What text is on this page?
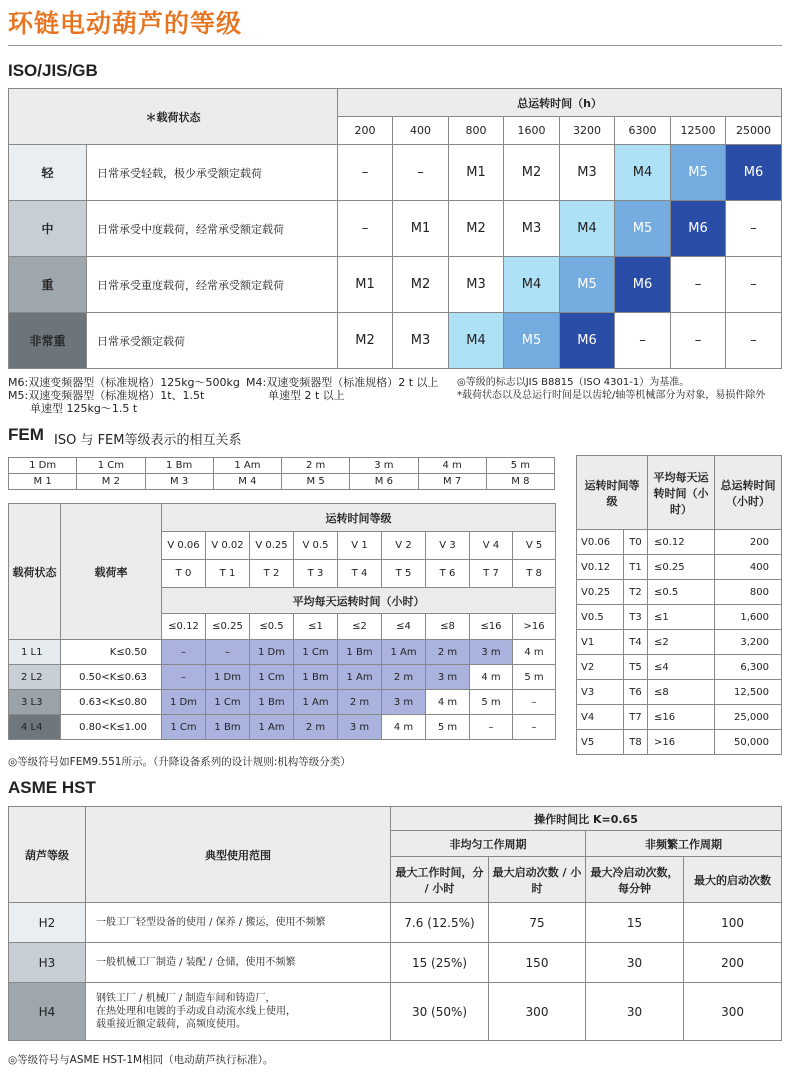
环链电动葫芦的等级
ISO/JIS/GB
＊载荷状态		总运转时间（h）							
		200	400	800	1600	3200	6300	12500	25000
轻	日常承受轻载，极少承受额定载荷	–	–	M1	M2	M3	M4	M5	M6
中	日常承受中度载荷，经常承受额定载荷	–	M1	M2	M3	M4	M5	M6	–
重	日常承受重度载荷，经常承受额定载荷	M1	M2	M3	M4	M5	M6	–	–
非常重	日常承受额定载荷	M2	M3	M4	M5	M6	–	–	–
M6:双速变频器型（标准规格）125kg～500kg
M5:双速变频器型（标准规格）1t、1.5t
单速型 125kg～1.5 t
M4:双速变频器型（标准规格）2 t 以上
单速型 2 t 以上
◎等级的标志以JIS B8815（ISO 4301-1）为基准。
*载荷状态以及总运行时间是以齿轮/轴等机械部分为对象，易损件除外
FEM ISO 与 FEM等级表示的相互关系
1 Dm	1 Cm	1 Bm	1 Am	2 m	3 m	4 m	5 m
M 1	M 2	M 3	M 4	M 5	M 6	M 7	M 8
载荷状态	载荷率	运转时间等级								
		V 0.06	V 0.02	V 0.25	V 0.5	V 1	V 2	V 3	V 4	V 5
		T 0	T 1	T 2	T 3	T 4	T 5	T 6	T 7	T 8
		平均每天运转时间（小时）								
		≤0.12	≤0.25	≤0.5	≤1	≤2	≤4	≤8	≤16	>16
1 L1	K≤0.50	–	–	1 Dm	1 Cm	1 Bm	1 Am	2 m	3 m	4 m
2 L2	0.50<K≤0.63	–	1 Dm	1 Cm	1 Bm	1 Am	2 m	3 m	4 m	5 m
3 L3	0.63<K≤0.80	1 Dm	1 Cm	1 Bm	1 Am	2 m	3 m	4 m	5 m	–
4 L4	0.80<K≤1.00	1 Cm	1 Bm	1 Am	2 m	3 m	4 m	5 m	–	–
◎等级符号如FEM9.551所示。（升降设备系列的设计规则:机构等级分类）
运转时间等级		平均每天运转时间（小时）	总运转时间（小时）
V0.06	T0	≤0.12	200
V0.12	T1	≤0.25	400
V0.25	T2	≤0.5	800
V0.5	T3	≤1	1,600
V1	T4	≤2	3,200
V2	T5	≤4	6,300
V3	T6	≤8	12,500
V4	T7	≤16	25,000
V5	T8	>16	50,000
ASME HST
葫芦等级	典型使用范围	操作时间比 K=0.65			
		非均匀工作周期		非频繁工作周期	
		最大工作时间，分 / 小时	最大启动次数 / 小时	最大冷启动次数，每分钟	最大的启动次数
H2	一般工厂轻型设备的使用 / 保养 / 搬运，使用不频繁	7.6 (12.5%)	75	15	100
H3	一般机械工厂制造 / 装配 / 仓储，使用不频繁	15 (25%)	150	30	200
H4	钢铁工厂 / 机械厂 / 制造车间和铸造厂，
在热处理和电镀的手动或自动流水线上使用，
载重接近额定载荷，高频度使用。	30 (50%)	300	30	300
◎等级符号与ASME HST-1M相同（电动葫芦执行标准）。
